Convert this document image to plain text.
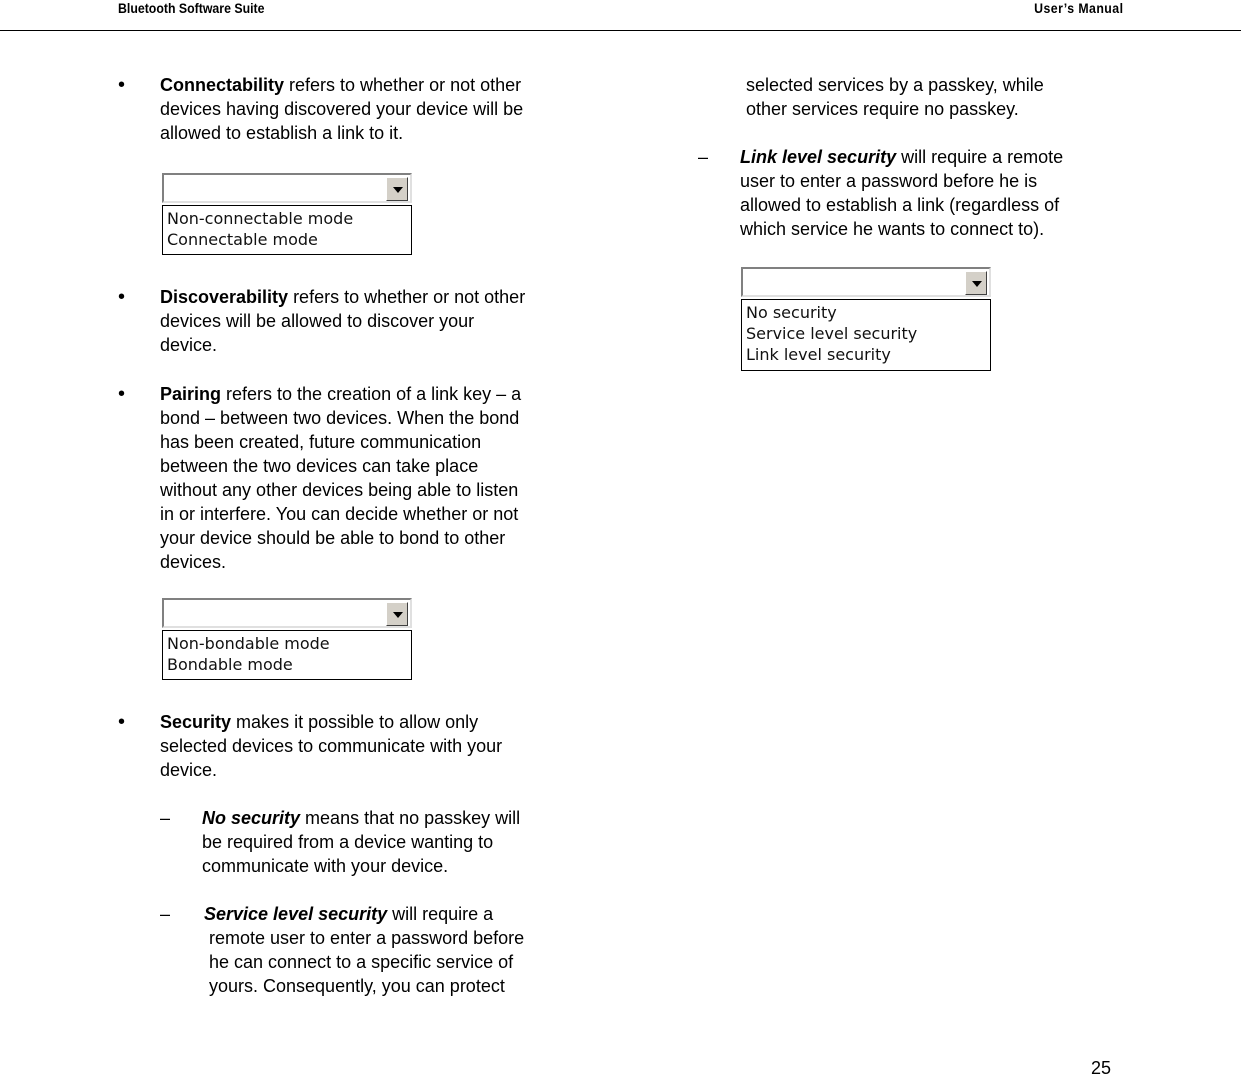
Bluetooth Software Suite	User’s Manual
• Connectability refers to whether or not other
devices having discovered your device will be
allowed to establish a link to it.
Non-connectable mode
Connectable mode
• Discoverability refers to whether or not other
devices will be allowed to discover your
device.
• Pairing refers to the creation of a link key – a
bond – between two devices. When the bond
has been created, future communication
between the two devices can take place
without any other devices being able to listen
in or interfere. You can decide whether or not
your device should be able to bond to other
devices.
Non-bondable mode
Bondable mode
• Security makes it possible to allow only
selected devices to communicate with your
device.
– No security means that no passkey will
be required from a device wanting to
communicate with your device.
– Service level security will require a
remote user to enter a password before
he can connect to a specific service of
yours. Consequently, you can protect
selected services by a passkey, while
other services require no passkey.
– Link level security will require a remote
user to enter a password before he is
allowed to establish a link (regardless of
which service he wants to connect to).
No security
Service level security
Link level security
25
